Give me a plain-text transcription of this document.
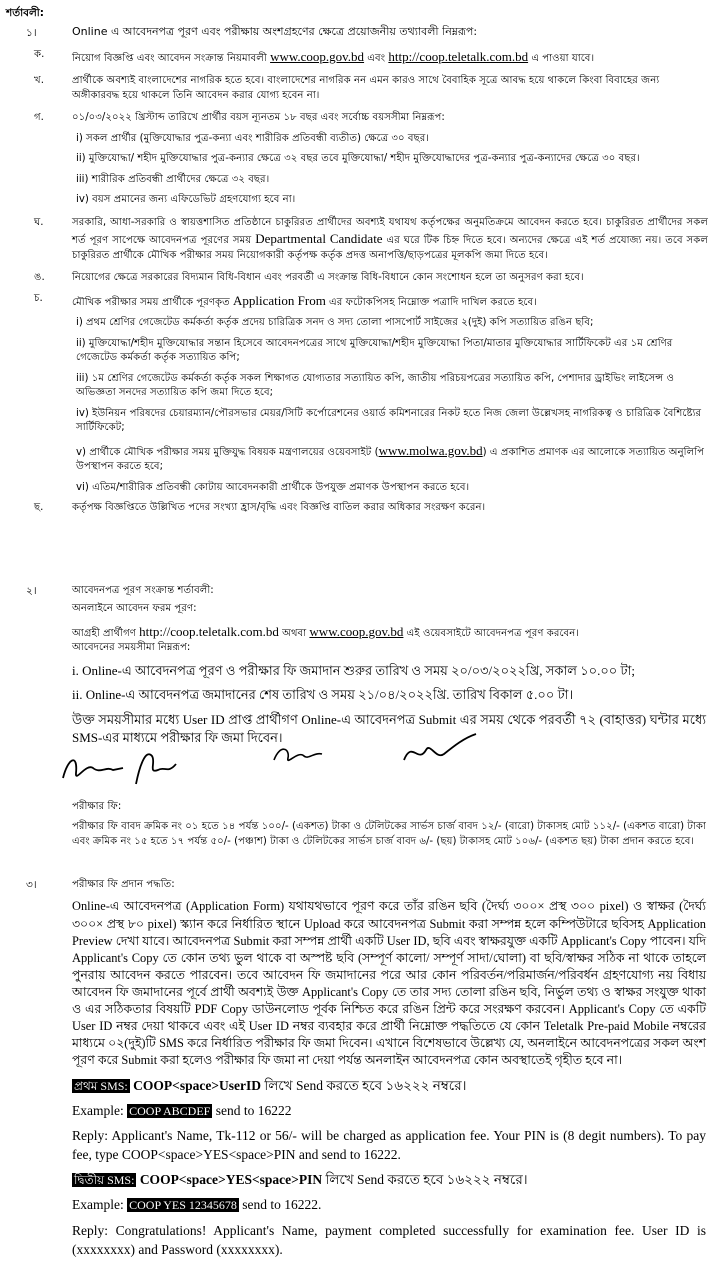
শর্তাবলী:
১।	Online এ আবেদনপত্র পূরণ এবং পরীক্ষায় অংশগ্রহণের ক্ষেত্রে প্রয়োজনীয় তথ্যাবলী নিম্নরূপ:
ক.	নিয়োগ বিজ্ঞপ্তি এবং আবেদন সংক্রান্ত নিয়মাবলী www.coop.gov.bd এবং http://coop.teletalk.com.bd এ পাওয়া যাবে।
খ.	প্রার্থীকে অবশ্যই বাংলাদেশের নাগরিক হতে হবে। বাংলাদেশের নাগরিক নন এমন কারও সাথে বৈবাহিক সূত্রে আবদ্ধ হয়ে থাকলে কিংবা বিবাহের জন্য অঙ্গীকারবদ্ধ হয়ে থাকলে তিনি আবেদন করার যোগ্য হবেন না।
গ.	০১/০৩/২০২২ খ্রিস্টাব্দ তারিখে প্রার্থীর বয়স ন্যূনতম ১৮ বছর এবং সর্বোচ্চ বয়সসীমা নিম্নরূপ:
i) সকল প্রার্থীর (মুক্তিযোদ্ধার পুত্র-কন্যা এবং শারীরিক প্রতিবন্ধী ব্যতীত) ক্ষেত্রে ৩০ বছর।
ii) মুক্তিযোদ্ধা/ শহীদ মুক্তিযোদ্ধার পুত্র-কন্যার ক্ষেত্রে ৩২ বছর তবে মুক্তিযোদ্ধা/ শহীদ মুক্তিযোদ্ধাদের পুত্র-কন্যার পুত্র-কন্যাদের ক্ষেত্রে ৩০ বছর।
iii) শারীরিক প্রতিবন্ধী প্রার্থীদের ক্ষেত্রে ৩২ বছর।
iv) বয়স প্রমানের জন্য এফিডেভিট গ্রহণযোগ্য হবে না।
ঘ.	সরকারি, আধা-সরকারি ও স্বায়ত্তশাসিত প্রতিষ্ঠানে চাকুরিরত প্রার্থীদের অবশ্যই যথাযথ কর্তৃপক্ষের অনুমতিক্রমে আবেদন করতে হবে। চাকুরিরত প্রার্থীদের সকল শর্ত পূরণ সাপেক্ষে আবেদনপত্র পূরণের সময় Departmental Candidate এর ঘরে টিক চিহ্ন দিতে হবে। অন্যদের ক্ষেত্রে এই শর্ত প্রযোজ্য নয়। তবে সকল চাকুরিরত প্রার্থীকে মৌখিক পরীক্ষার সময় নিয়োগকারী কর্তৃপক্ষ কর্তৃক প্রদত্ত অনাপত্তি/ছাড়পত্রের মূলকপি জমা দিতে হবে।
ঙ.	নিয়োগের ক্ষেত্রে সরকারের বিদ্যমান বিধি-বিধান এবং পরবর্তী এ সংক্রান্ত বিধি-বিধানে কোন সংশোধন হলে তা অনুসরণ করা হবে।
চ.	মৌখিক পরীক্ষার সময় প্রার্থীকে পূরণকৃত Application From এর ফটোকপিসহ নিম্নোক্ত পত্রাদি দাখিল করতে হবে।
i) প্রথম শ্রেণির গেজেটেড কর্মকর্তা কর্তৃক প্রদেয় চারিত্রিক সনদ ও সদ্য তোলা পাসপোর্ট সাইজের ২(দুই) কপি সত্যায়িত রঙিন ছবি;
ii) মুক্তিযোদ্ধা/শহীদ মুক্তিযোদ্ধার সন্তান হিসেবে আবেদনপত্রের সাথে মুক্তিযোদ্ধা/শহীদ মুক্তিযোদ্ধা পিতা/মাতার মুক্তিযোদ্ধার সার্টিফিকেট এর ১ম শ্রেণির গেজেটেড কর্মকর্তা কর্তৃক সত্যায়িত কপি;
iii) ১ম শ্রেণির গেজেটেড কর্মকর্তা কর্তৃক সকল শিক্ষাগত যোগ্যতার সত্যায়িত কপি, জাতীয় পরিচয়পত্রের সত্যায়িত কপি, পেশাদার ড্রাইভিং লাইসেন্স ও অভিজ্ঞতা সনদের সত্যায়িত কপি জমা দিতে হবে;
iv) ইউনিয়ন পরিষদের চেয়ারম্যান/পৌরসভার মেয়র/সিটি কর্পোরেশনের ওয়ার্ড কমিশনারের নিকট হতে নিজ জেলা উল্লেখসহ নাগরিকত্ব ও চারিত্রিক বৈশিষ্ট্যের সার্টিফিকেট;
v) প্রার্থীকে মৌখিক পরীক্ষার সময় মুক্তিযুদ্ধ বিষয়ক মন্ত্রণালয়ের ওয়েবসাইট (www.molwa.gov.bd) এ প্রকাশিত প্রমাণক এর আলোকে সত্যায়িত অনুলিপি উপস্থাপন করতে হবে;
vi) এতিম/শারীরিক প্রতিবন্ধী কোটায় আবেদনকারী প্রার্থীকে উপযুক্ত প্রমাণক উপস্থাপন করতে হবে।
ছ.	কর্তৃপক্ষ বিজ্ঞপ্তিতে উল্লিখিত পদের সংখ্যা হ্রাস/বৃদ্ধি এবং বিজ্ঞপ্তি বাতিল করার অধিকার সংরক্ষণ করেন।
২।	আবেদনপত্র পূরণ সংক্রান্ত শর্তাবলী:
অনলাইনে আবেদন ফরম পূরণ:
আগ্রহী প্রার্থীগণ http://coop.teletalk.com.bd অথবা www.coop.gov.bd এই ওয়েবসাইটে আবেদনপত্র পূরণ করবেন।
আবেদনের সময়সীমা নিম্নরূপ:
i. Online-এ আবেদনপত্র পূরণ ও পরীক্ষার ফি জমাদান শুরুর তারিখ ও সময় ২০/০৩/২০২২খ্রি, সকাল ১০.০০ টা;
ii. Online-এ আবেদনপত্র জমাদানের শেষ তারিখ ও সময় ২১/০৪/২০২২খ্রি. তারিখ বিকাল ৫.০০ টা।
উক্ত সময়সীমার মধ্যে User ID প্রাপ্ত প্রার্থীগণ Online-এ আবেদনপত্র Submit এর সময় থেকে পরবর্তী ৭২ (বাহাত্তর) ঘন্টার মধ্যে SMS-এর মাধ্যমে পরীক্ষার ফি জমা দিবেন।
পরীক্ষার ফি:
পরীক্ষার ফি বাবদ ক্রমিক নং ০১ হতে ১৪ পর্যন্ত ১০০/- (একশত) টাকা ও টেলিটকের সার্ভস চার্জ বাবদ ১২/- (বারো) টাকাসহ মোট ১১২/- (একশত বারো) টাকা এবং ক্রমিক নং ১৫ হতে ১৭ পর্যন্ত ৫০/- (পঞ্চাশ) টাকা ও টেলিটকের সার্ভস চার্জ বাবদ ৬/- (ছয়) টাকাসহ মোট ১০৬/- (একশত ছয়) টাকা প্রদান করতে হবে।
৩।	পরীক্ষার ফি প্রদান পদ্ধতি:
Online-এ আবেদনপত্র (Application Form) যথাযথভাবে পূরণ করে তাঁর রঙিন ছবি (দৈর্ঘ্য ৩০০× প্রস্থ ৩০০ pixel) ও স্বাক্ষর (দৈর্ঘ্য ৩০০× প্রস্থ ৮০ pixel) স্ক্যান করে নির্ধারিত স্থানে Upload করে আবেদনপত্র Submit করা সম্পন্ন হলে কম্পিউটারে ছবিসহ Application Preview দেখা যাবে। আবেদনপত্র Submit করা সম্পন্ন প্রার্থী একটি User ID, ছবি এবং স্বাক্ষরযুক্ত একটি Applicant's Copy পাবেন। যদি Applicant's Copy তে কোন তথ্য ভুল থাকে বা অস্পষ্ট ছবি (সম্পূর্ণ কালো/ সম্পূর্ণ সাদা/ঘোলা) বা ছবি/স্বাক্ষর সঠিক না থাকে তাহলে পুনরায় আবেদন করতে পারবেন। তবে আবেদন ফি জমাদানের পরে আর কোন পরিবর্তন/পরিমার্জন/পরিবর্ধন গ্রহণযোগ্য নয় বিধায় আবেদন ফি জমাদানের পূর্বে প্রার্থী অবশ্যই উক্ত Applicant's Copy তে তার সদ্য তোলা রঙিন ছবি, নির্ভুল তথ্য ও স্বাক্ষর সংযুক্ত থাকা ও এর সঠিকতার বিষয়টি PDF Copy ডাউনলোড পূর্বক নিশ্চিত করে রঙিন প্রিন্ট করে সংরক্ষণ করবেন। Applicant's Copy তে একটি User ID নম্বর দেয়া থাকবে এবং এই User ID নম্বর ব্যবহার করে প্রার্থী নিম্নোক্ত পদ্ধতিতে যে কোন Teletalk Pre-paid Mobile নম্বরের মাধ্যমে ০২(দুই)টি SMS করে নির্ধারিত পরীক্ষার ফি জমা দিবেন। এখানে বিশেষভাবে উল্লেখ্য যে, অনলাইনে আবেদনপত্রের সকল অংশ পূরণ করে Submit করা হলেও পরীক্ষার ফি জমা না দেয়া পর্যন্ত অনলাইন আবেদনপত্র কোন অবস্থাতেই গৃহীত হবে না।
প্রথম SMS: COOP<space>UserID লিখে Send করতে হবে ১৬২২২ নম্বরে।
Example: COOP ABCDEF send to 16222
Reply: Applicant's Name, Tk-112 or 56/- will be charged as application fee. Your PIN is (8 degit numbers). To pay fee, type COOP<space>YES<space>PIN and send to 16222.
দ্বিতীয় SMS: COOP<space>YES<space>PIN লিখে Send করতে হবে ১৬২২২ নম্বরে।
Example: COOP YES 12345678 send to 16222.
Reply: Congratulations! Applicant's Name, payment completed successfully for examination fee. User ID is (xxxxxxxx) and Password (xxxxxxxx).
